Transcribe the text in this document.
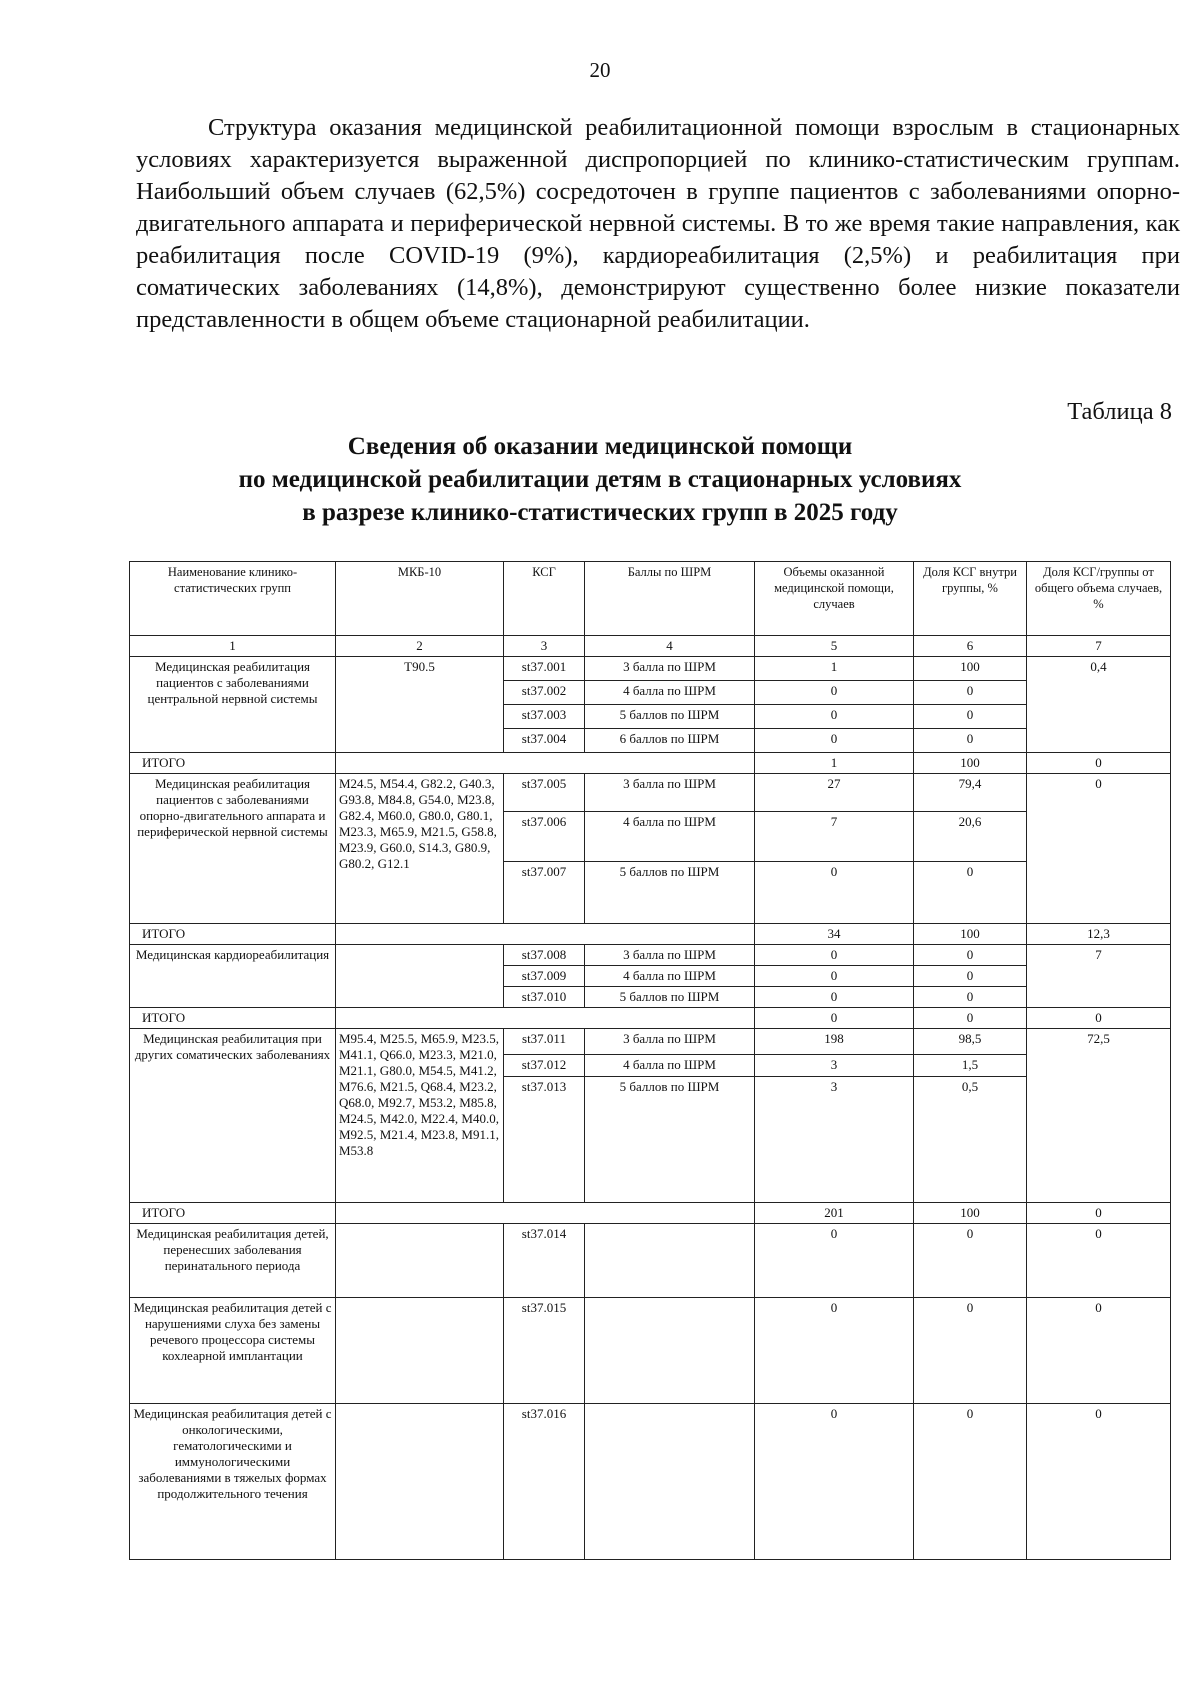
20

Структура оказания медицинской реабилитационной помощи взрослым в стационарных условиях характеризуется выраженной диспропорцией по клинико-статистическим группам. Наибольший объем случаев (62,5%) сосредоточен в группе пациентов с заболеваниями опорно-двигательного аппарата и периферической нервной системы. В то же время такие направления, как реабилитация после COVID-19 (9%), кардиореабилитация (2,5%) и реабилитация при соматических заболеваниях (14,8%), демонстрируют существенно более низкие показатели представленности в общем объеме стационарной реабилитации.

Таблица 8
Сведения об оказании медицинской помощи
по медицинской реабилитации детям в стационарных условиях
в разрезе клинико-статистических групп в 2025 году
Наименование клинико-статистических групп	МКБ-10	КСГ	Баллы по ШРМ	Объемы оказанной медицинской помощи, случаев	Доля КСГ внутри группы, %	Доля КСГ/группы от общего объема случаев, %
1	2	3	4	5	6	7
Медицинская реабилитация пациентов с заболеваниями центральной нервной системы	T90.5	st37.001	3 балла по ШРМ	1	100	0,4
		st37.002	4 балла по ШРМ	0	0	
		st37.003	5 баллов по ШРМ	0	0	
		st37.004	6 баллов по ШРМ	0	0	
ИТОГО				1	100	0
Медицинская реабилитация пациентов с заболеваниями опорно-двигательного аппарата и периферической нервной системы	M24.5, M54.4, G82.2, G40.3, G93.8, M84.8, G54.0, M23.8, G82.4, M60.0, G80.0, G80.1, M23.3, M65.9, M21.5, G58.8, M23.9, G60.0, S14.3, G80.9, G80.2, G12.1	st37.005	3 балла по ШРМ	27	79,4	0
		st37.006	4 балла по ШРМ	7	20,6	
		st37.007	5 баллов по ШРМ	0	0	
ИТОГО				34	100	12,3
Медицинская кардиореабилитация		st37.008	3 балла по ШРМ	0	0	7
		st37.009	4 балла по ШРМ	0	0	
		st37.010	5 баллов по ШРМ	0	0	
ИТОГО				0	0	0
Медицинская реабилитация при других соматических заболеваниях	M95.4, M25.5, M65.9, M23.5, M41.1, Q66.0, M23.3, M21.0, M21.1, G80.0, M54.5, M41.2, M76.6, M21.5, Q68.4, M23.2, Q68.0, M92.7, M53.2, M85.8, M24.5, M42.0, M22.4, M40.0, M92.5, M21.4, M23.8, M91.1, M53.8	st37.011	3 балла по ШРМ	198	98,5	72,5
		st37.012	4 балла по ШРМ	3	1,5	
		st37.013	5 баллов по ШРМ	3	0,5	
ИТОГО				201	100	0
Медицинская реабилитация детей, перенесших заболевания перинатального периода		st37.014		0	0	0
Медицинская реабилитация детей с нарушениями слуха без замены речевого процессора системы кохлеарной имплантации		st37.015		0	0	0
Медицинская реабилитация детей с онкологическими, гематологическими и иммунологическими заболеваниями в тяжелых формах продолжительного течения		st37.016		0	0	0
